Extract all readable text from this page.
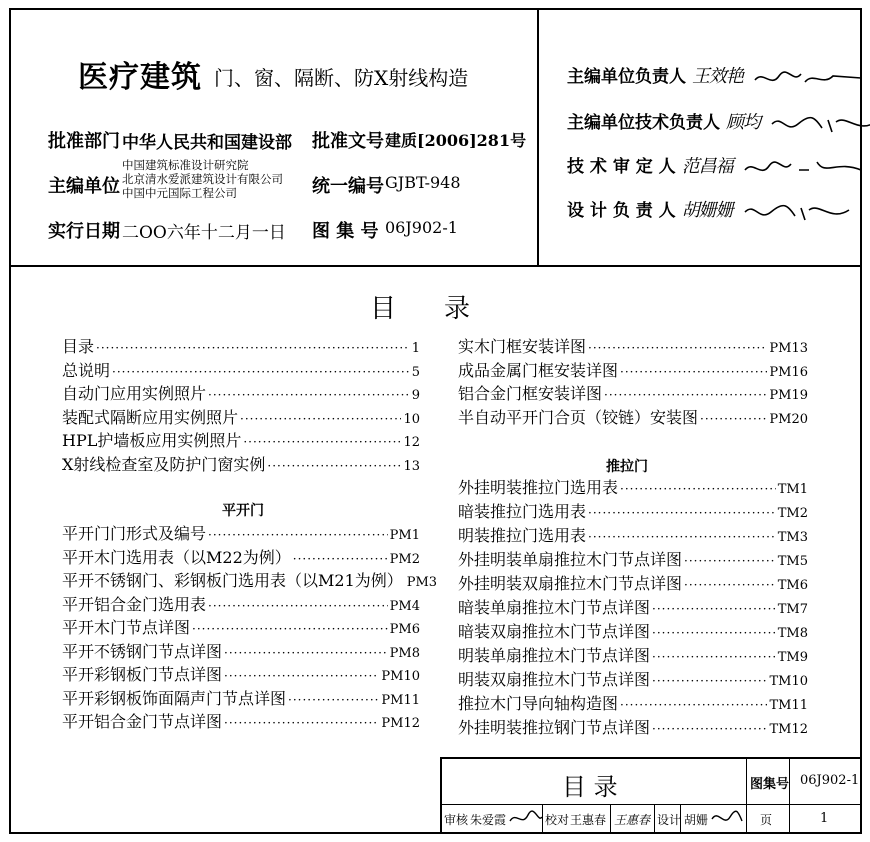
医疗建筑 门、窗、隔断、防X射线构造
批准部门 中华人民共和国建设部 批准文号 建质[2006]281号
主编单位
中国建筑标准设计研究院
北京清水爱派建筑设计有限公司
中国中元国际工程公司	统一编号 GJBT-948
实行日期 二OO六年十二月一日 图 集 号 06J902-1
主编单位负责人 王效艳
主编单位技术负责人 顾均
技 术 审 定 人 范昌福
设 计 负 责 人 胡姗姗
目 录
目录 ·····	1
总说明 ·····	5
自动门应用实例照片 ·····	9
装配式隔断应用实例照片 ·····	10
HPL护墙板应用实例照片 ·····	12
X射线检查室及防护门窗实例 ·····	13
平开门
平开门门形式及编号 ·····	PM1
平开木门选用表（以M22为例） ·····	PM2
平开不锈钢门、彩钢板门选用表（以M21为例） PM3
平开铝合金门选用表 ·····	PM4
平开木门节点详图 ·····	PM6
平开不锈钢门节点详图 ·····	PM8
平开彩钢板门节点详图 ·····	PM10
平开彩钢板饰面隔声门节点详图 ·····	PM11
平开铝合金门节点详图 ·····	PM12
实木门框安装详图 ·····	PM13
成品金属门框安装详图 ·····	PM16
铝合金门框安装详图 ·····	PM19
半自动平开门合页（铰链）安装图 ·····	PM20
推拉门
外挂明装推拉门选用表 ·····	TM1
暗装推拉门选用表 ·····	TM2
明装推拉门选用表 ·····	TM3
外挂明装单扇推拉木门节点详图 ·····	TM5
外挂明装双扇推拉木门节点详图 ·····	TM6
暗装单扇推拉木门节点详图 ·····	TM7
暗装双扇推拉木门节点详图 ·····	TM8
明装单扇推拉木门节点详图 ·····	TM9
明装双扇推拉木门节点详图 ·····	TM10
推拉木门导向轴构造图 ·····	TM11
外挂明装推拉钢门节点详图 ·····	TM12
目 录	图集号 06J902-1
审核 朱爱霞	校对 王惠春 王惠春 设计 胡姗	页	1
